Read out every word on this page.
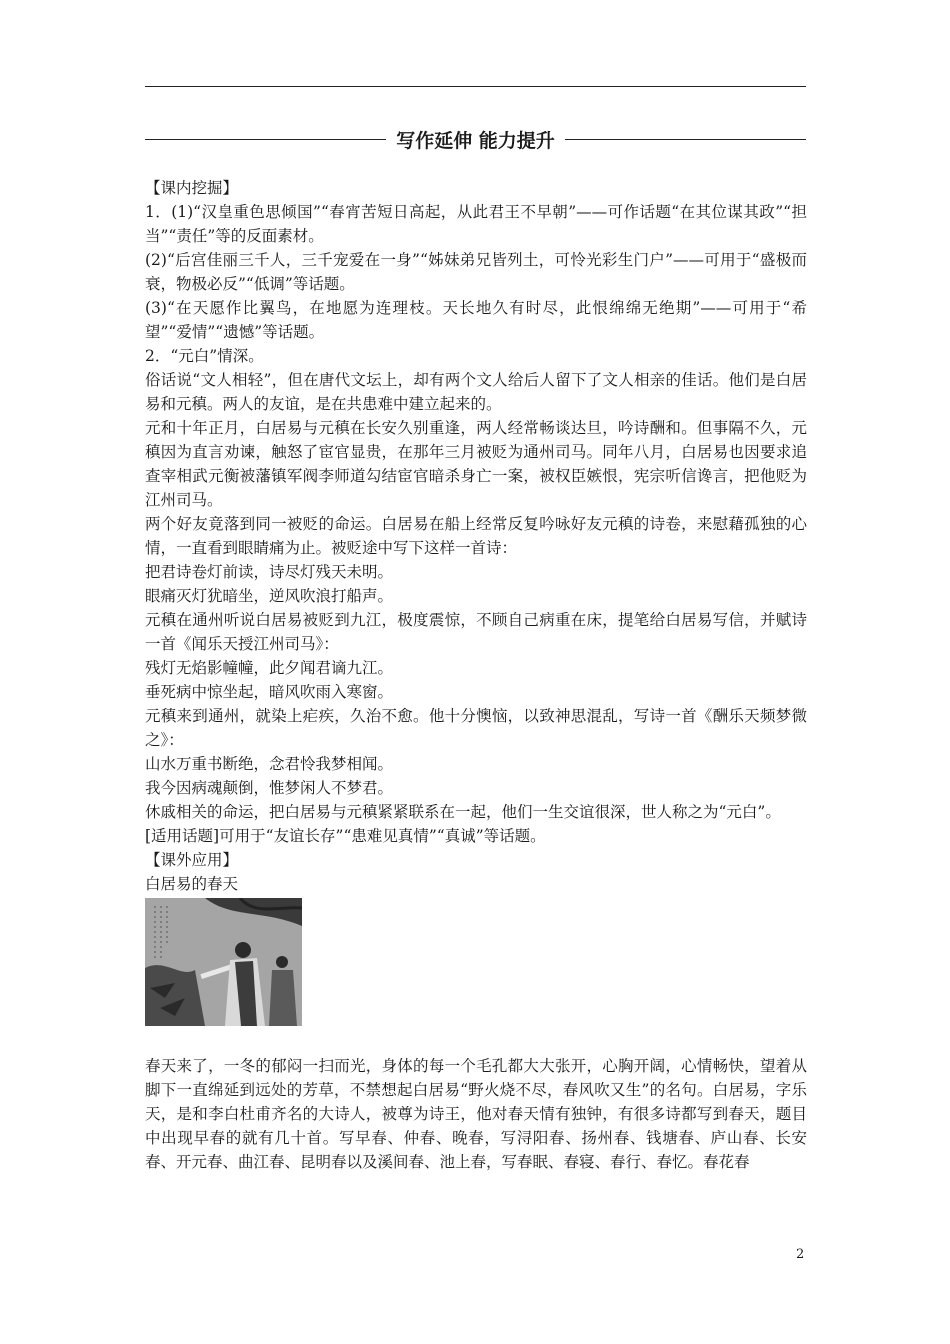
写作延伸 能力提升

【课内挖掘】

1．(1)“汉皇重色思倾国”“春宵苦短日高起，从此君王不早朝”——可作话题“在其位谋其政”“担当”“责任”等的反面素材。

(2)“后宫佳丽三千人，三千宠爱在一身”“姊妹弟兄皆列土，可怜光彩生门户”——可用于“盛极而衰，物极必反”“低调”等话题。

(3)“在天愿作比翼鸟，在地愿为连理枝。天长地久有时尽，此恨绵绵无绝期”——可用于“希望”“爱情”“遗憾”等话题。

2．“元白”情深。

俗话说“文人相轻”，但在唐代文坛上，却有两个文人给后人留下了文人相亲的佳话。他们是白居易和元稹。两人的友谊，是在共患难中建立起来的。

元和十年正月，白居易与元稹在长安久别重逢，两人经常畅谈达旦，吟诗酬和。但事隔不久，元稹因为直言劝谏，触怒了宦官显贵，在那年三月被贬为通州司马。同年八月，白居易也因要求追查宰相武元衡被藩镇军阀李师道勾结宦官暗杀身亡一案，被权臣嫉恨，宪宗听信谗言，把他贬为江州司马。

两个好友竟落到同一被贬的命运。白居易在船上经常反复吟咏好友元稹的诗卷，来慰藉孤独的心情，一直看到眼睛痛为止。被贬途中写下这样一首诗：

把君诗卷灯前读，诗尽灯残天未明。

眼痛灭灯犹暗坐，逆风吹浪打船声。

元稹在通州听说白居易被贬到九江，极度震惊，不顾自己病重在床，提笔给白居易写信，并赋诗一首《闻乐天授江州司马》：

残灯无焰影幢幢，此夕闻君谪九江。

垂死病中惊坐起，暗风吹雨入寒窗。

元稹来到通州，就染上疟疾，久治不愈。他十分懊恼，以致神思混乱，写诗一首《酬乐天频梦微之》：

山水万重书断绝，念君怜我梦相闻。

我今因病魂颠倒，惟梦闲人不梦君。

休戚相关的命运，把白居易与元稹紧紧联系在一起，他们一生交谊很深，世人称之为“元白”。

[适用话题]可用于“友谊长存”“患难见真情”“真诚”等话题。

【课外应用】

白居易的春天

春天来了，一冬的郁闷一扫而光，身体的每一个毛孔都大大张开，心胸开阔，心情畅快，望着从脚下一直绵延到远处的芳草，不禁想起白居易“野火烧不尽，春风吹又生”的名句。白居易，字乐天，是和李白杜甫齐名的大诗人，被尊为诗王，他对春天情有独钟，有很多诗都写到春天，题目中出现早春的就有几十首。写早春、仲春、晚春，写浔阳春、扬州春、钱塘春、庐山春、长安春、开元春、曲江春、昆明春以及溪间春、池上春，写春眠、春寝、春行、春忆。春花春

2
